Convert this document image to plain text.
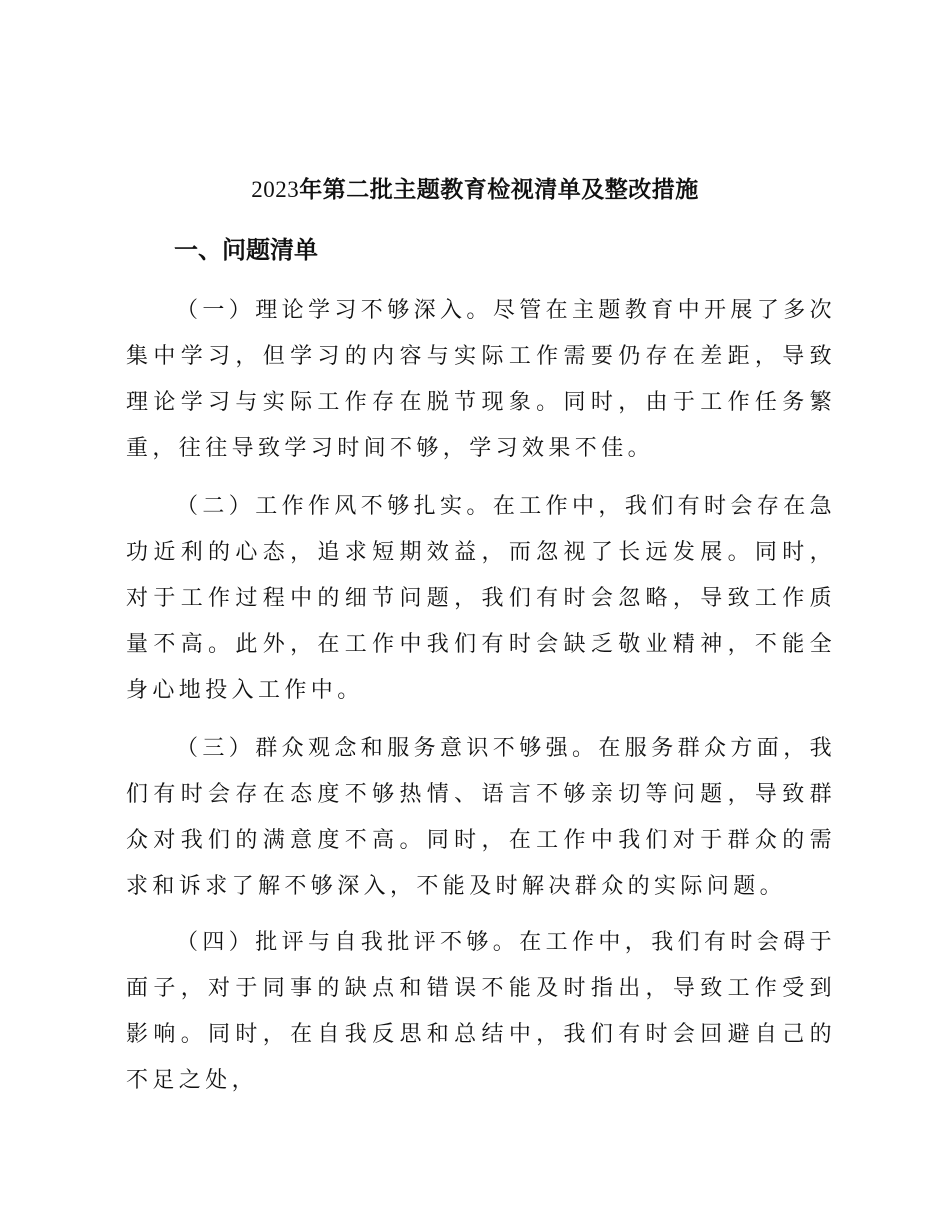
2023年第二批主题教育检视清单及整改措施
一、问题清单

（一）理论学习不够深入。尽管在主题教育中开展了多次集中学习，但学习的内容与实际工作需要仍存在差距，导致理论学习与实际工作存在脱节现象。同时，由于工作任务繁重，往往导致学习时间不够，学习效果不佳。

（二）工作作风不够扎实。在工作中，我们有时会存在急功近利的心态，追求短期效益，而忽视了长远发展。同时，对于工作过程中的细节问题，我们有时会忽略，导致工作质量不高。此外，在工作中我们有时会缺乏敬业精神，不能全身心地投入工作中。

（三）群众观念和服务意识不够强。在服务群众方面，我们有时会存在态度不够热情、语言不够亲切等问题，导致群众对我们的满意度不高。同时，在工作中我们对于群众的需求和诉求了解不够深入，不能及时解决群众的实际问题。

（四）批评与自我批评不够。在工作中，我们有时会碍于面子，对于同事的缺点和错误不能及时指出，导致工作受到影响。同时，在自我反思和总结中，我们有时会回避自己的不足之处，
